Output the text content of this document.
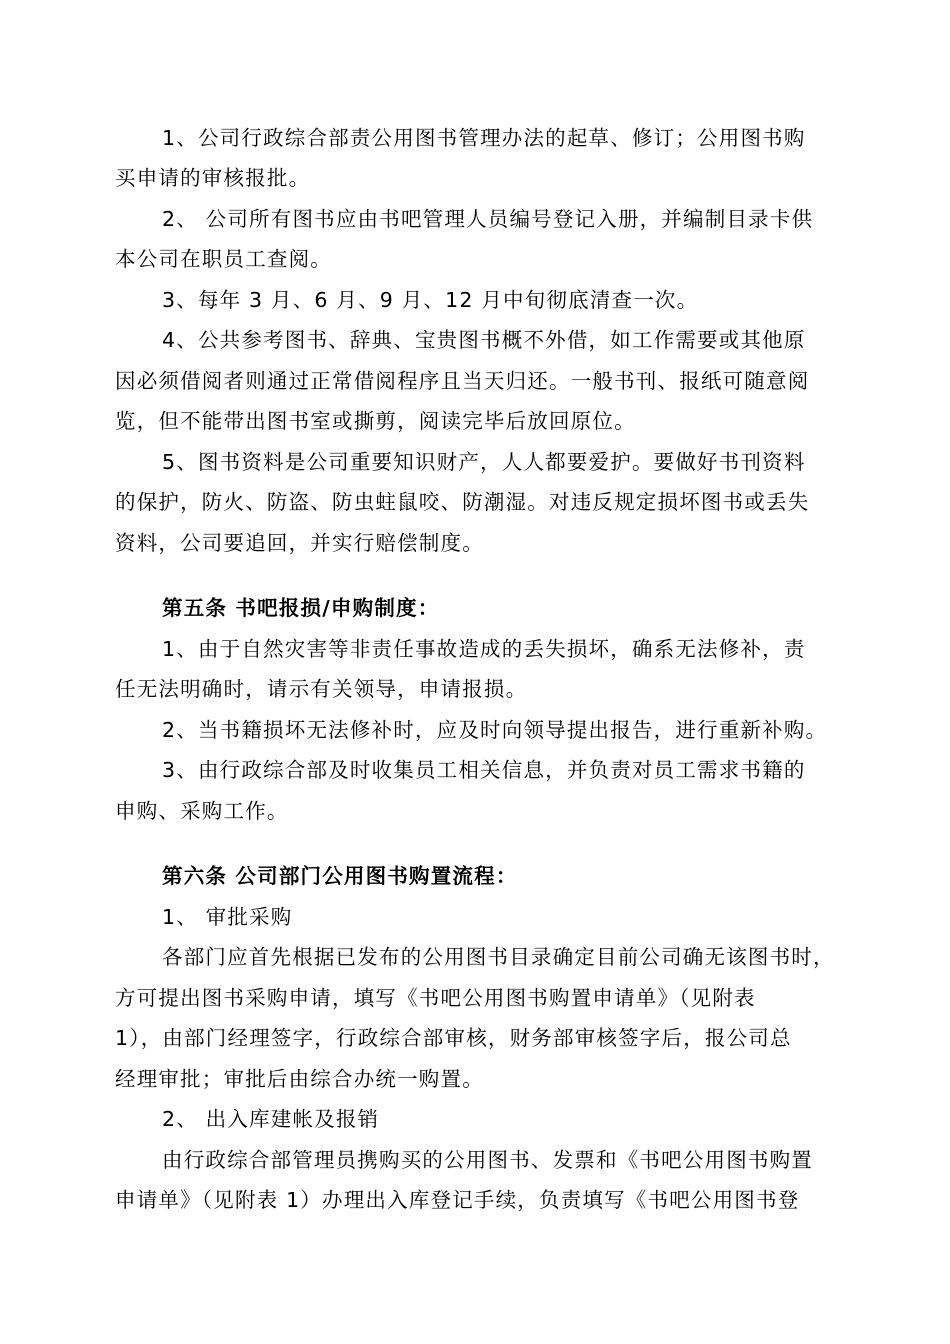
1、公司行政综合部责公用图书管理办法的起草、修订；公用图书购
买申请的审核报批。
2、 公司所有图书应由书吧管理人员编号登记入册，并编制目录卡供
本公司在职员工查阅。
3、每年 3 月、6 月、9 月、12 月中旬彻底清查一次。
4、公共参考图书、辞典、宝贵图书概不外借，如工作需要或其他原
因必须借阅者则通过正常借阅程序且当天归还。一般书刊、报纸可随意阅
览，但不能带出图书室或撕剪，阅读完毕后放回原位。
5、图书资料是公司重要知识财产，人人都要爱护。要做好书刊资料
的保护，防火、防盗、防虫蛀鼠咬、防潮湿。对违反规定损坏图书或丢失
资料，公司要追回，并实行赔偿制度。
第五条 书吧报损/申购制度：
1、由于自然灾害等非责任事故造成的丢失损坏，确系无法修补，责
任无法明确时，请示有关领导，申请报损。
2、当书籍损坏无法修补时，应及时向领导提出报告，进行重新补购。
3、由行政综合部及时收集员工相关信息，并负责对员工需求书籍的
申购、采购工作。
第六条 公司部门公用图书购置流程：
1、 审批采购
各部门应首先根据已发布的公用图书目录确定目前公司确无该图书时，
方可提出图书采购申请，填写《书吧公用图书购置申请单》（见附表
1），由部门经理签字，行政综合部审核，财务部审核签字后，报公司总
经理审批；审批后由综合办统一购置。
2、 出入库建帐及报销
由行政综合部管理员携购买的公用图书、发票和《书吧公用图书购置
申请单》（见附表 1）办理出入库登记手续，负责填写《书吧公用图书登
